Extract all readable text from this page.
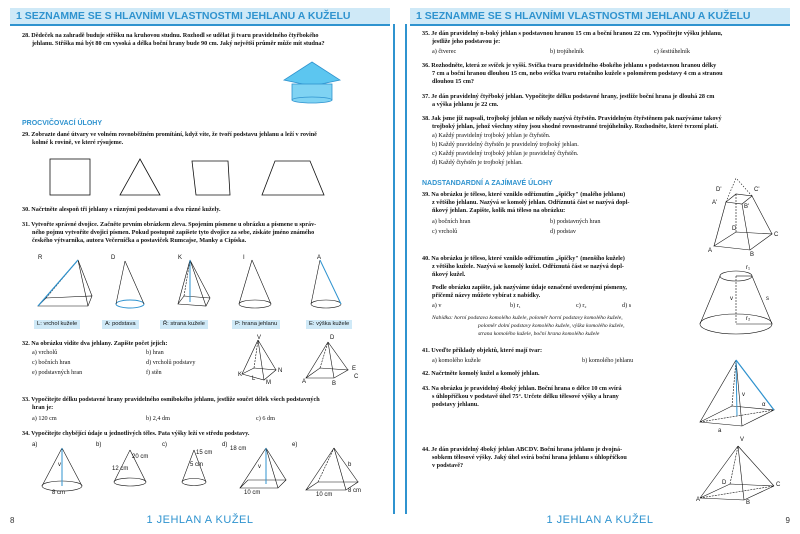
1 SEZNAMME SE S HLAVNÍMI VLASTNOSTMI JEHLANU A KUŽELU
28. Dědeček na zahradě buduje stříšku na kruhovou studnu. Rozhodl se udělat ji tvaru pravidelného čtyřbokého
jehlanu. Stříška má být 80 cm vysoká a délka boční hrany bude 90 cm. Jaký největší průměr může mít studna?
PROCVIČOVACÍ ÚLOHY
29. Zobrazte dané útvary ve volném rovnoběžném promítání, když víte, že tvoří podstavu jehlanu a leží v rovině
kolmé k rovině, ve které rýsujeme.
30. Načrtněte alespoň tři jehlany s různými podstavami a dva různé kužely.
31. Vytvořte správné dvojice. Začněte prvním obrázkem zleva. Spojením písmene u obrázku a písmene u správ-
ného pojmu vytvoříte dvojici písmen. Pokud postupně zapíšete tyto dvojice za sebe, získáte jméno známého
českého výtvarníka, autora Večerníčka a postaviček Rumcajse, Manky a Cipíska.
R	D	K	I	A
L: vrchol kužele	A: podstava	Ř: strana kužele	P: hrana jehlanu	E: výška kužele
32. Na obrázku vidíte dva jehlany. Zapište počet jejich:
a) vrcholů	b) hran
c) bočních hran	d) vrcholů podstavy
e) podstavných hran	f) stěn
V
K
L
M
N
D
E
A	B
C
33. Vypočítejte délku podstavné hrany pravidelného osmibokého jehlanu, jestliže součet délek všech podstavných
hran je:
a) 120 cm	b) 2,4 dm	c) 6 dm
34. Vypočítejte chybějící údaje u jednotlivých těles. Pata výšky leží ve středu podstavy.
a)	b)	c)	d)	e)
v
8 cm
12 cm
20 cm
5 cm
15 cm
v
18 cm
10 cm
b
10 cm
8 cm
8	1 JEHLAN A KUŽEL
1 SEZNAMME SE S HLAVNÍMI VLASTNOSTMI JEHLANU A KUŽELU
35. Je dán pravidelný n-boký jehlan s podstavnou hranou 15 cm a boční hranou 22 cm. Vypočítejte výšku jehlanu,
jestliže jeho podstavou je:
a) čtverec	b) trojúhelník	c) šestiúhelník
36. Rozhodněte, která ze svíček je vyšší. Svíčka tvaru pravidelného 4bokého jehlanu s podstavnou hranou délky
7 cm a boční hranou dlouhou 15 cm, nebo svíčka tvaru rotačního kužele s poloměrem podstavy 4 cm a stranou
dlouhou 15 cm?
37. Je dán pravidelný čtyřboký jehlan. Vypočítejte délku podstavné hrany, jestliže boční hrana je dlouhá 28 cm
a výška jehlanu je 22 cm.
38. Jak jsme již napsali, trojboký jehlan se někdy nazývá čtyřstěn. Pravidelným čtyřstěnem pak nazýváme takový
trojboký jehlan, jehož všechny stěny jsou shodné rovnostranné trojúhelníky. Rozhodněte, které tvrzení platí.
a) Každý pravidelný trojboký jehlan je čtyřstěn.
b) Každý pravidelný čtyřstěn je pravidelný trojboký jehlan.
c) Každý pravidelný trojboký jehlan je pravidelný čtyřstěn.
d) Každý čtyřstěn je trojboký jehlan.
NADSTANDARDNÍ A ZAJÍMAVÉ ÚLOHY
39. Na obrázku je těleso, které vzniklo odříznutím „špičky" (malého jehlanu)
z většího jehlanu. Nazývá se komolý jehlan. Odříznutá část se nazývá dopl-
ňkový jehlan. Zapište, kolik má těleso na obrázku:
a) bočních hran	b) podstavných hran
c) vrcholů	d) podstav
D'	C'
A'
B'
D
C
A
B
40. Na obrázku je těleso, které vzniklo odříznutím „špičky" (menšího kužele)
z většího kužele. Nazývá se komolý kužel. Odříznutá část se nazývá dopl-
ňkový kužel.
Podle obrázku zapište, jak nazýváme údaje označené uvedenými písmeny,
přičemž názvy můžete vybírat z nabídky.
a) v	b) r₁	c) r₂	d) s
Nabídka: horní podstava komolého kužele, poloměr horní podstavy komolého kužele,
poloměr dolní podstavy komolého kužele, výška komolého kužele,
strana komolého kužele, boční hrana komolého kužele
r₁
s
v
r₂
41. Uveďte příklady objektů, které mají tvar:
a) komolého kužele	b) komolého jehlanu
42. Načrtněte komolý kužel a komolý jehlan.
43. Na obrázku je pravidelný 4boký jehlan. Boční hrana o délce 10 cm svírá
s úhlopříčkou v podstavě úhel 75°. Určete délku tělesové výšky a hrany
podstavy jehlanu.
a
v
α
44. Je dán pravidelný 4boký jehlan ABCDV. Boční hrana jehlanu je dvojná-
sobkem tělesové výšky. Jaký úhel svírá boční hrana jehlanu s úhlopříčkou
v podstavě?
V
D	C
A	B
1 JEHLAN A KUŽEL	9
